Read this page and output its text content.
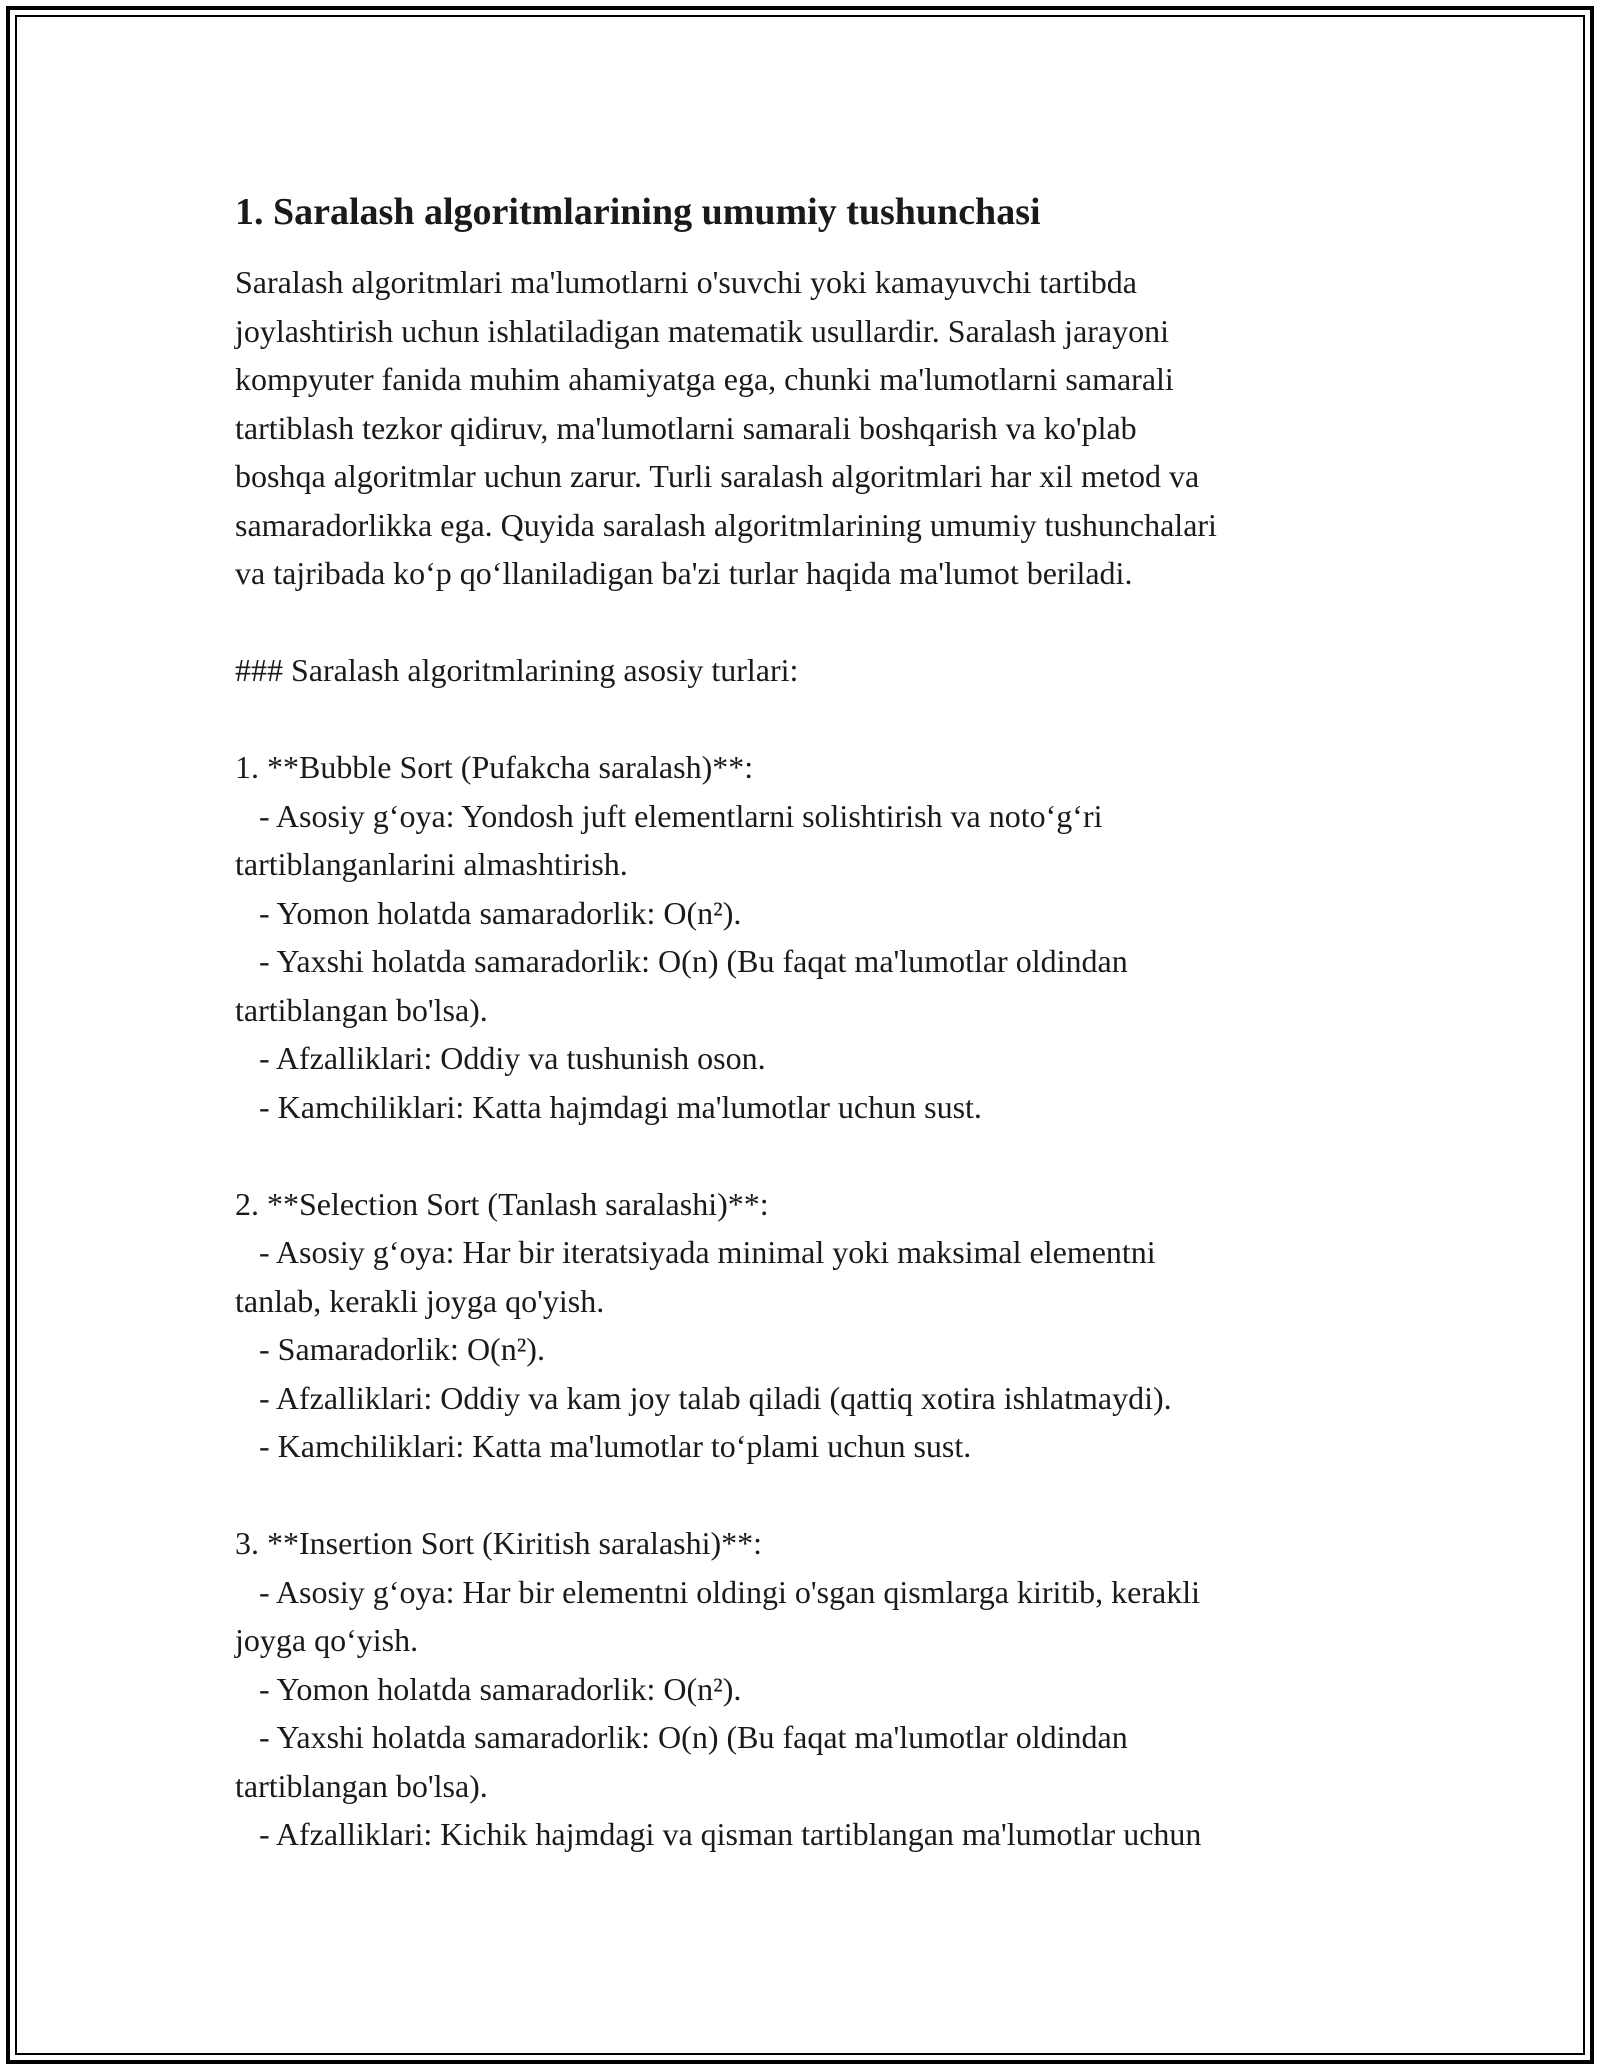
1. Saralash algoritmlarining umumiy tushunchasi

Saralash algoritmlari ma'lumotlarni o'suvchi yoki kamayuvchi tartibda
joylashtirish uchun ishlatiladigan matematik usullardir. Saralash jarayoni
kompyuter fanida muhim ahamiyatga ega, chunki ma'lumotlarni samarali
tartiblash tezkor qidiruv, ma'lumotlarni samarali boshqarish va ko'plab
boshqa algoritmlar uchun zarur. Turli saralash algoritmlari har xil metod va
samaradorlikka ega. Quyida saralash algoritmlarining umumiy tushunchalari
va tajribada ko‘p qo‘llaniladigan ba'zi turlar haqida ma'lumot beriladi.

### Saralash algoritmlarining asosiy turlari:

1. **Bubble Sort (Pufakcha saralash)**:

- Asosiy g‘oya: Yondosh juft elementlarni solishtirish va noto‘g‘ri
tartiblanganlarini almashtirish.
- Yomon holatda samaradorlik: O(n²).
- Yaxshi holatda samaradorlik: O(n) (Bu faqat ma'lumotlar oldindan
tartiblangan bo'lsa).
- Afzalliklari: Oddiy va tushunish oson.
- Kamchiliklari: Katta hajmdagi ma'lumotlar uchun sust.

2. **Selection Sort (Tanlash saralashi)**:

- Asosiy g‘oya: Har bir iteratsiyada minimal yoki maksimal elementni
tanlab, kerakli joyga qo'yish.
- Samaradorlik: O(n²).
- Afzalliklari: Oddiy va kam joy talab qiladi (qattiq xotira ishlatmaydi).
- Kamchiliklari: Katta ma'lumotlar to‘plami uchun sust.

3. **Insertion Sort (Kiritish saralashi)**:

- Asosiy g‘oya: Har bir elementni oldingi o'sgan qismlarga kiritib, kerakli
joyga qo‘yish.
- Yomon holatda samaradorlik: O(n²).
- Yaxshi holatda samaradorlik: O(n) (Bu faqat ma'lumotlar oldindan
tartiblangan bo'lsa).
- Afzalliklari: Kichik hajmdagi va qisman tartiblangan ma'lumotlar uchun
